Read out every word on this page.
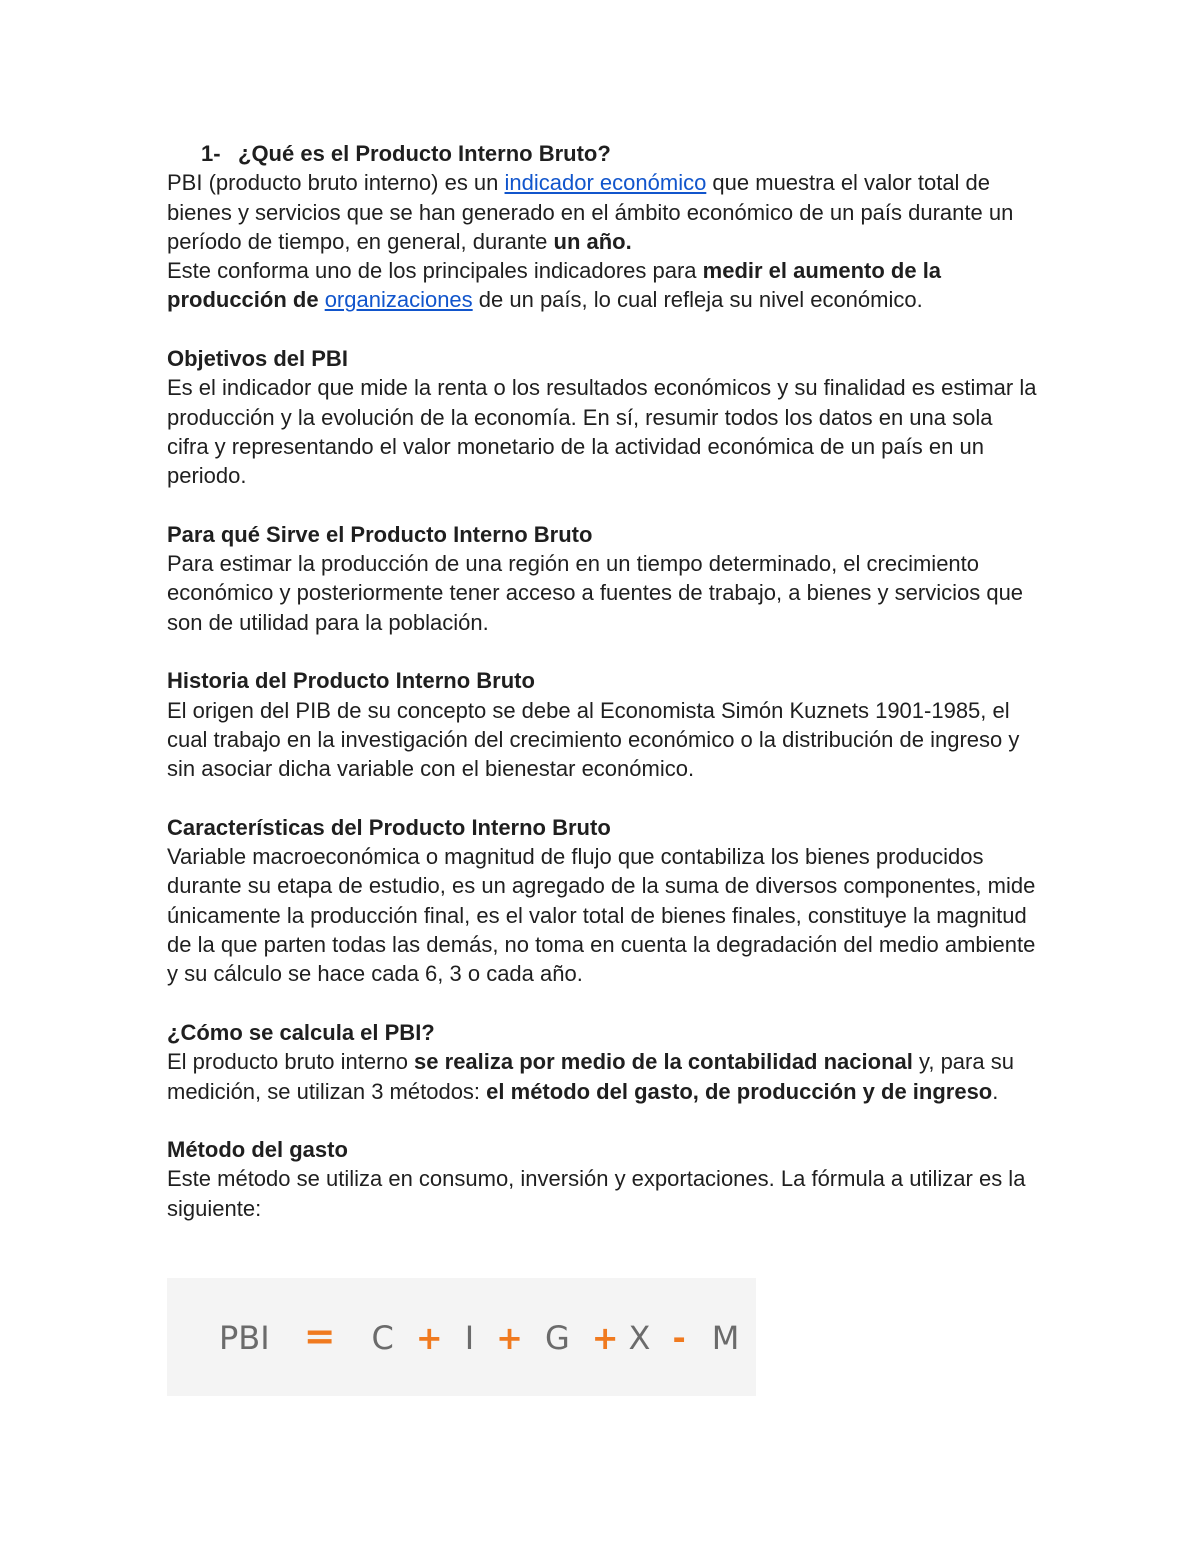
1- ¿Qué es el Producto Interno Bruto?

PBI (producto bruto interno) es un indicador económico que muestra el valor total de bienes y servicios que se han generado en el ámbito económico de un país durante un período de tiempo, en general, durante un año.

Este conforma uno de los principales indicadores para medir el aumento de la producción de organizaciones de un país, lo cual refleja su nivel económico.

Objetivos del PBI

Es el indicador que mide la renta o los resultados económicos y su finalidad es estimar la producción y la evolución de la economía. En sí, resumir todos los datos en una sola cifra y representando el valor monetario de la actividad económica de un país en un periodo.

Para qué Sirve el Producto Interno Bruto

Para estimar la producción de una región en un tiempo determinado, el crecimiento económico y posteriormente tener acceso a fuentes de trabajo, a bienes y servicios que son de utilidad para la población.

Historia del Producto Interno Bruto

El origen del PIB de su concepto se debe al Economista Simón Kuznets 1901-1985, el cual trabajo en la investigación del crecimiento económico o la distribución de ingreso y sin asociar dicha variable con el bienestar económico.

Características del Producto Interno Bruto

Variable macroeconómica o magnitud de flujo que contabiliza los bienes producidos durante su etapa de estudio, es un agregado de la suma de diversos componentes, mide únicamente la producción final, es el valor total de bienes finales, constituye la magnitud de la que parten todas las demás, no toma en cuenta la degradación del medio ambiente y su cálculo se hace cada 6, 3 o cada año.

¿Cómo se calcula el PBI?

El producto bruto interno se realiza por medio de la contabilidad nacional y, para su medición, se utilizan 3 métodos: el método del gasto, de producción y de ingreso.

Método del gasto

Este método se utiliza en consumo, inversión y exportaciones. La fórmula a utilizar es la siguiente:

PBI = C + I + G + X - M
